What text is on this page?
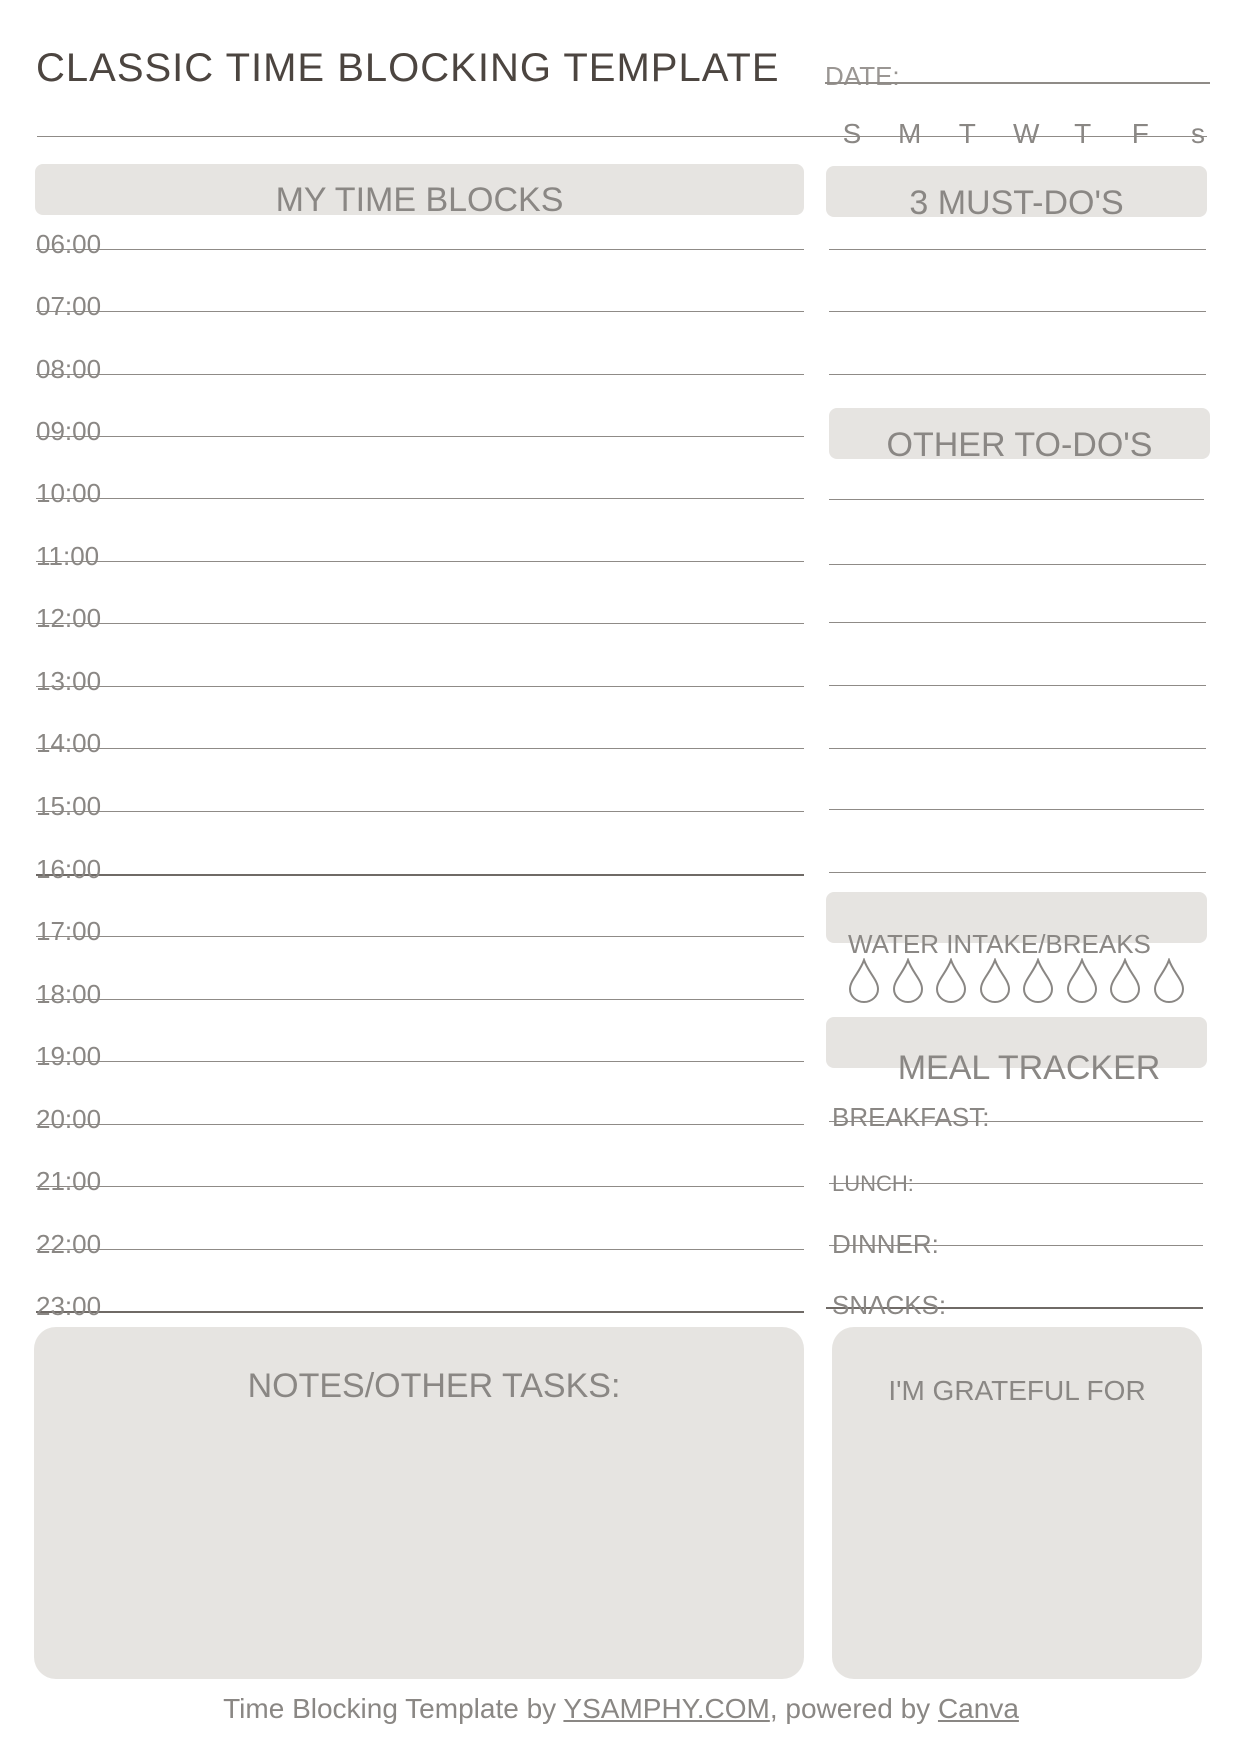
CLASSIC TIME BLOCKING TEMPLATE DATE:
S M T W T F s
MY TIME BLOCKS
06:00
07:00
08:00
09:00
10:00
11:00
12:00
13:00
14:00
15:00
16:00
17:00
18:00
19:00
20:00
21:00
22:00
23:00
3 MUST-DO'S
OTHER TO-DO'S
WATER INTAKE/BREAKS
MEAL TRACKER
BREAKFAST:
LUNCH:
DINNER:
SNACKS:
NOTES/OTHER TASKS:	I'M GRATEFUL FOR
Time Blocking Template by YSAMPHY.COM, powered by Canva
